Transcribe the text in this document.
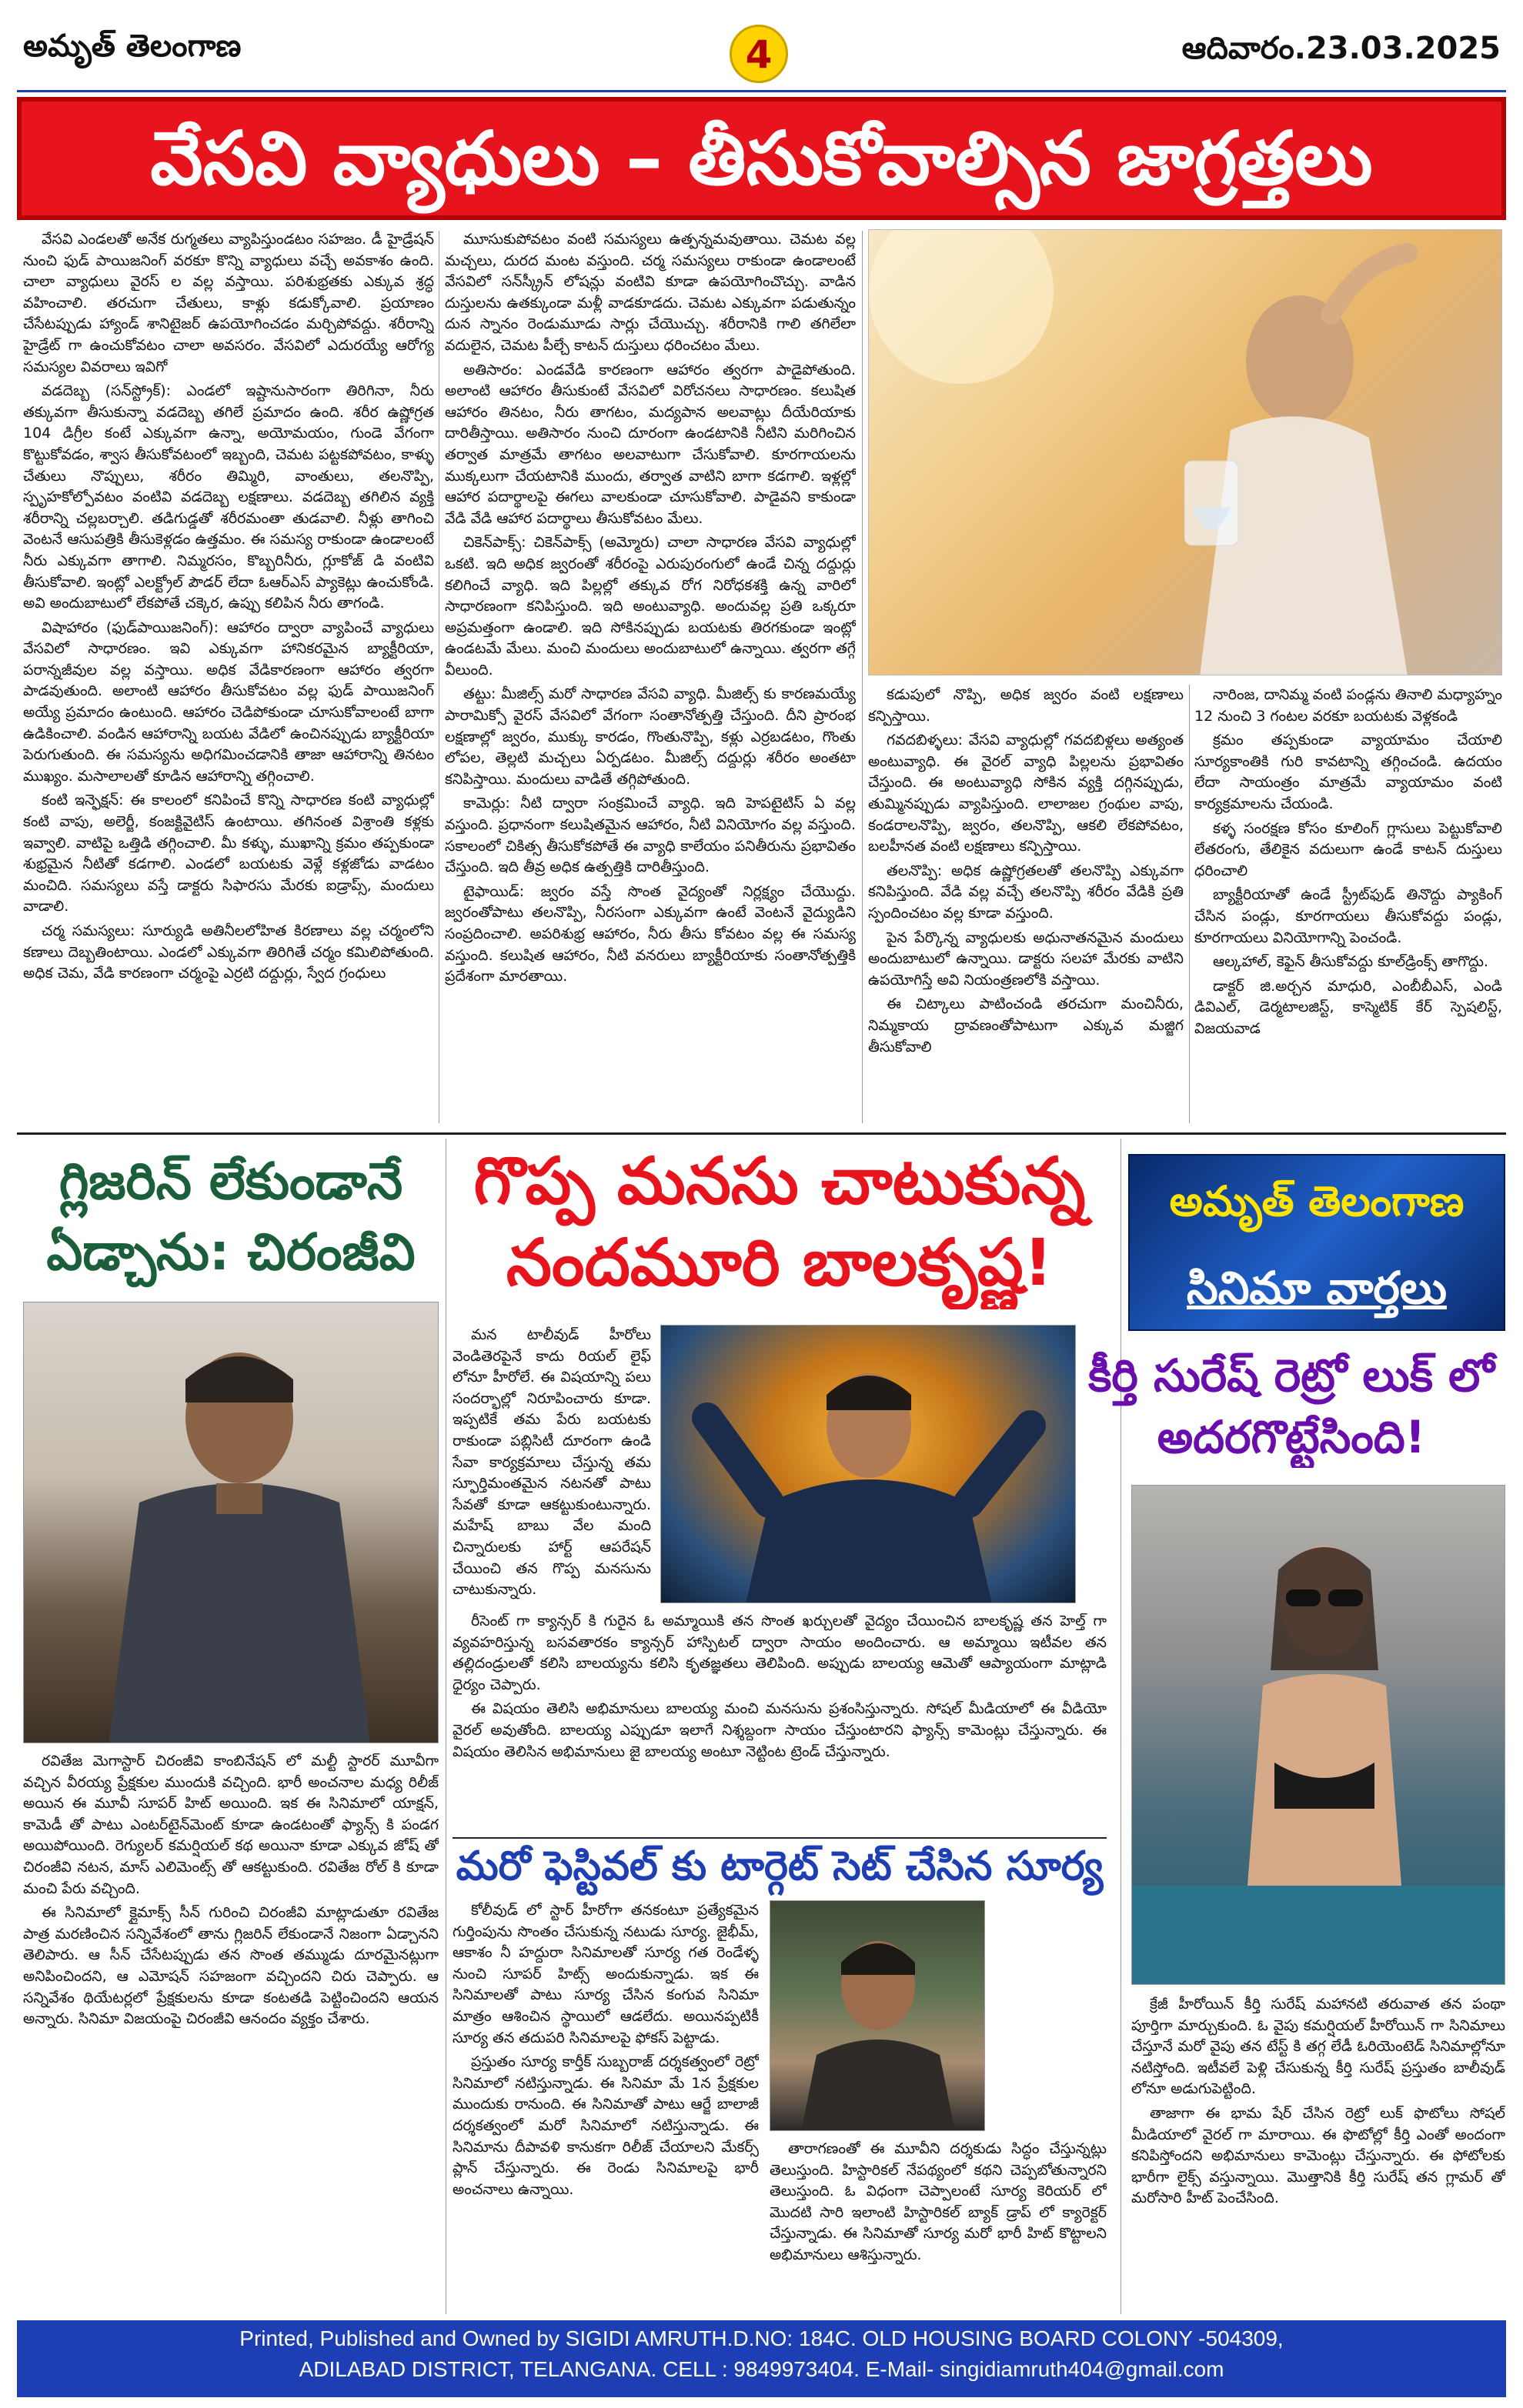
అమృత్ తెలంగాణ	4	ఆదివారం.23.03.2025
వేసవి వ్యాధులు – తీసుకోవాల్సిన జాగ్రత్తలు

వేసవి ఎండలతో అనేక రుగ్మతలు వ్యాపిస్తుండటం సహజం. డీ హైడ్రేషన్ నుంచి ఫుడ్ పాయిజనింగ్ వరకూ కొన్ని వ్యాధులు వచ్చే అవకాశం ఉంది. చాలా వ్యాధులు వైరస్ ల వల్ల వస్తాయి. పరిశుభ్రతకు ఎక్కువ శ్రద్ధ వహించాలి. తరచుగా చేతులు, కాళ్లు కడుక్కోవాలి. ప్రయాణం చేసేటప్పుడు హ్యాండ్ శానిటైజర్ ఉపయోగించడం మర్చిపోవద్దు. శరీరాన్ని హైడ్రేట్ గా ఉంచుకోవటం చాలా అవసరం. వేసవిలో ఎదురయ్యే ఆరోగ్య సమస్యల వివరాలు ఇవిగో

వడదెబ్బ (సన్‌స్ట్రోక్): ఎండలో ఇష్టానుసారంగా తిరిగినా, నీరు తక్కువగా తీసుకున్నా వడదెబ్బ తగిలే ప్రమాదం ఉంది. శరీర ఉష్ణోగ్రత 104 డిగ్రీల కంటే ఎక్కువగా ఉన్నా, అయోమయం, గుండె వేగంగా కొట్టుకోవడం, శ్వాస తీసుకోవటంలో ఇబ్బంది, చెమట పట్టకపోవటం, కాళ్ళు చేతులు నొప్పులు, శరీరం తిమ్మిరి, వాంతులు, తలనొప్పి, స్పృహకోల్పోవటం వంటివి వడదెబ్బ లక్షణాలు. వడదెబ్బ తగిలిన వ్యక్తి శరీరాన్ని చల్లబర్చాలి. తడిగుడ్డతో శరీరమంతా తుడవాలి. నీళ్లు తాగించి వెంటనే ఆసుపత్రికి తీసుకెళ్లడం ఉత్తమం. ఈ సమస్య రాకుండా ఉండాలంటే నీరు ఎక్కువగా తాగాలి. నిమ్మరసం, కొబ్బరినీరు, గ్లూకోజ్ డి వంటివి తీసుకోవాలి. ఇంట్లో ఎలక్ట్రోల్ పౌడర్ లేదా ఓఆర్ఎస్ ప్యాకెట్లు ఉంచుకోండి. అవి అందుబాటులో లేకపోతే చక్కెర, ఉప్పు కలిపిన నీరు తాగండి.

విషాహారం (ఫుడ్‌పాయిజనింగ్): ఆహారం ద్వారా వ్యాపించే వ్యాధులు వేసవిలో సాధారణం. ఇవి ఎక్కువగా హానికరమైన బ్యాక్టీరియా, పరాన్నజీవుల వల్ల వస్తాయి. అధిక వేడికారణంగా ఆహారం త్వరగా పాడవుతుంది. అలాంటి ఆహారం తీసుకోవటం వల్ల ఫుడ్ పాయిజనింగ్ అయ్యే ప్రమాదం ఉంటుంది. ఆహారం చెడిపోకుండా చూసుకోవాలంటే బాగా ఉడికించాలి. వండిన ఆహారాన్ని బయట వేడిలో ఉంచినప్పుడు బ్యాక్టీరియా పెరుగుతుంది. ఈ సమస్యను అధిగమించడానికి తాజా ఆహారాన్ని తినటం ముఖ్యం. మసాలాలతో కూడిన ఆహారాన్ని తగ్గించాలి.

కంటి ఇన్ఫెక్షన్: ఈ కాలంలో కనిపించే కొన్ని సాధారణ కంటి వ్యాధుల్లో కంటి వాపు, అలెర్జీ, కంజక్టివైటిస్ ఉంటాయి. తగినంత విశ్రాంతి కళ్లకు ఇవ్వాలి. వాటిపై ఒత్తిడి తగ్గించాలి. మీ కళ్ళు, ముఖాన్ని క్రమం తప్పకుండా శుభ్రమైన నీటితో కడగాలి. ఎండలో బయటకు వెళ్లే కళ్లజోడు వాడటం మంచిది. సమస్యలు వస్తే డాక్టరు సిఫారసు మేరకు ఐడ్రాప్స్, మందులు వాడాలి.

చర్మ సమస్యలు: సూర్యుడి అతినీలలోహిత కిరణాలు వల్ల చర్మంలోని కణాలు దెబ్బతింటాయి. ఎండలో ఎక్కువగా తిరిగితే చర్మం కమిలిపోతుంది. అధిక చెమ, వేడి కారణంగా చర్మంపై ఎర్రటి దద్దుర్లు, స్వేద గ్రంధులు

మూసుకుపోవటం వంటి సమస్యలు ఉత్పన్నమవుతాయి. చెమట వల్ల మచ్చలు, దురద మంట వస్తుంది. చర్మ సమస్యలు రాకుండా ఉండాలంటే వేసవిలో సన్‌స్క్రీన్ లోషన్లు వంటివి కూడా ఉపయోగించొచ్చు. వాడిన దుస్తులను ఉతక్కుండా మళ్లీ వాడకూడదు. చెమట ఎక్కువగా పడుతున్నం దున స్నానం రెండుమూడు సార్లు చేయొచ్చు. శరీరానికి గాలి తగిలేలా వదులైన, చెమట పీల్చే కాటన్ దుస్తులు ధరించటం మేలు.

అతిసారం: ఎండవేడి కారణంగా ఆహారం త్వరగా పాడైపోతుంది. అలాంటి ఆహారం తీసుకుంటే వేసవిలో విరోచనలు సాధారణం. కలుషిత ఆహారం తినటం, నీరు తాగటం, మద్యపాన అలవాట్లు దీయేరియాకు దారితీస్తాయి. అతిసారం నుంచి దూరంగా ఉండటానికి నీటిని మరిగించిన తర్వాత మాత్రమే తాగటం అలవాటుగా చేసుకోవాలి. కూరగాయలను ముక్కలుగా చేయటానికి ముందు, తర్వాత వాటిని బాగా కడగాలి. ఇళ్లల్లో ఆహార పదార్థాలపై ఈగలు వాలకుండా చూసుకోవాలి. పాడైవని కాకుండా వేడి వేడి ఆహార పదార్థాలు తీసుకోవటం మేలు.

చికెన్‌పాక్స్: చికెన్‌పాక్స్ (అమ్మోరు) చాలా సాధారణ వేసవి వ్యాధుల్లో ఒకటి. ఇది అధిక జ్వరంతో శరీరంపై ఎరుపురంగులో ఉండే చిన్న దద్దుర్లు కలిగించే వ్యాధి. ఇది పిల్లల్లో తక్కువ రోగ నిరోధకశక్తి ఉన్న వారిలో సాధారణంగా కనిపిస్తుంది. ఇది అంటువ్యాధి. అందువల్ల ప్రతి ఒక్కరూ అప్రమత్తంగా ఉండాలి. ఇది సోకినప్పుడు బయటకు తిరగకుండా ఇంట్లో ఉండటమే మేలు. మంచి మందులు అందుబాటులో ఉన్నాయి. త్వరగా తగ్గే వీలుంది.

తట్టు: మీజిల్స్ మరో సాధారణ వేసవి వ్యాధి. మీజిల్స్ కు కారణమయ్యే పారామిక్సో వైరస్ వేసవిలో వేగంగా సంతానోత్పత్తి చేస్తుంది. దీని ప్రారంభ లక్షణాల్లో జ్వరం, ముక్కు కారడం, గొంతునొప్పి, కళ్లు ఎర్రబడటం, గొంతు లోపల, తెల్లటి మచ్చలు ఏర్పడటం. మీజిల్స్ దద్దుర్లు శరీరం అంతటా కనిపిస్తాయి. మందులు వాడితే తగ్గిపోతుంది.

కామెర్లు: నీటి ద్వారా సంక్రమించే వ్యాధి. ఇది హెపటైటిస్ ఏ వల్ల వస్తుంది. ప్రధానంగా కలుషితమైన ఆహారం, నీటి వినియోగం వల్ల వస్తుంది. సకాలంలో చికిత్స తీసుకోకపోతే ఈ వ్యాధి కాలేయం పనితీరును ప్రభావితం చేస్తుంది. ఇది తీవ్ర అధిక ఉత్పత్తికి దారితీస్తుంది.

టైఫాయిడ్: జ్వరం వస్తే సొంత వైద్యంతో నిర్లక్ష్యం చేయొద్దు. జ్వరంతోపాటు తలనొప్పి, నీరసంగా ఎక్కువగా ఉంటే వెంటనే వైద్యుడిని సంప్రదించాలి. అపరిశుభ్ర ఆహారం, నీరు తీసు కోవటం వల్ల ఈ సమస్య వస్తుంది. కలుషిత ఆహారం, నీటి వనరులు బ్యాక్టీరియాకు సంతానోత్పత్తికి ప్రదేశంగా మారతాయి.

కడుపులో నొప్పి, అధిక జ్వరం వంటి లక్షణాలు కన్పిస్తాయి.

గవదబిళ్ళలు: వేసవి వ్యాధుల్లో గవదబిళ్లలు అత్యంత అంటువ్యాధి. ఈ వైరల్ వ్యాధి పిల్లలను ప్రభావితం చేస్తుంది. ఈ అంటువ్యాధి సోకిన వ్యక్తి దగ్గినప్పుడు, తుమ్మినప్పుడు వ్యాపిస్తుంది. లాలాజల గ్రంథుల వాపు, కండరాలనొప్పి, జ్వరం, తలనొప్పి, ఆకలి లేకపోవటం, బలహీనత వంటి లక్షణాలు కన్పిస్తాయి.

తలనొప్పి: అధిక ఉష్ణోగ్రతలతో తలనొప్పి ఎక్కువగా కనిపిస్తుంది. వేడి వల్ల వచ్చే తలనొప్పి శరీరం వేడికి ప్రతి స్పందించటం వల్ల కూడా వస్తుంది.

పైన పేర్కొన్న వ్యాధులకు అధునాతనమైన మందులు అందుబాటులో ఉన్నాయి. డాక్టరు సలహా మేరకు వాటిని ఉపయోగిస్తే అవి నియంత్రణలోకి వస్తాయి.

ఈ చిట్కాలు పాటించండి తరచుగా మంచినీరు, నిమ్మకాయ ద్రావణంతోపాటుగా ఎక్కువ మజ్జిగ తీసుకోవాలి

నారింజ, దానిమ్మ వంటి పండ్లను తినాలి మధ్యాహ్నం 12 నుంచి 3 గంటల వరకూ బయటకు వెళ్లకండి

క్రమం తప్పకుండా వ్యాయామం చేయాలి సూర్యకాంతికి గురి కావటాన్ని తగ్గించండి. ఉదయం లేదా సాయంత్రం మాత్రమే వ్యాయామం వంటి కార్యక్రమాలను చేయండి.

కళ్ళ సంరక్షణ కోసం కూలింగ్ గ్లాసులు పెట్టుకోవాలి లేతరంగు, తేలికైన వదులుగా ఉండే కాటన్ దుస్తులు ధరించాలి

బ్యాక్టీరియాతో ఉండే స్ట్రీట్‌ఫుడ్ తినొద్దు ప్యాకింగ్ చేసిన పండ్లు, కూరగాయలు తీసుకోవద్దు పండ్లు, కూరగాయలు వినియోగాన్ని పెంచండి.

ఆల్కహాల్, కెఫైన్ తీసుకోవద్దు కూల్‌డ్రింక్స్ తాగొద్దు.

డాక్టర్ జి.అర్చన మాధురి, ఎంబీబీఎస్, ఎండి డివిఎల్, డెర్మటాలజిస్ట్, కాస్మెటిక్ కేర్ స్పెషలిస్ట్, విజయవాడ

గ్లిజరిన్ లేకుండానే ఏడ్చాను: చిరంజీవి

రవితేజ మెగాస్టార్ చిరంజీవి కాంబినేషన్ లో మల్టీ స్టారర్ మూవీగా వచ్చిన వీరయ్య ప్రేక్షకుల ముందుకి వచ్చింది. భారీ అంచనాల మధ్య రిలీజ్ అయిన ఈ మూవీ సూపర్ హిట్ అయింది. ఇక ఈ సినిమాలో యాక్షన్, కామెడీ తో పాటు ఎంటర్‌టైన్‌మెంట్ కూడా ఉండటంతో ఫ్యాన్స్ కి పండగ అయిపోయింది. రెగ్యులర్ కమర్షియల్ కథ అయినా కూడా ఎక్కువ జోష్ తో చిరంజీవి నటన, మాస్ ఎలిమెంట్స్ తో ఆకట్టుకుంది. రవితేజ రోల్ కి కూడా మంచి పేరు వచ్చింది.

ఈ సినిమాలో క్లైమాక్స్ సీన్ గురించి చిరంజీవి మాట్లాడుతూ రవితేజ పాత్ర మరణించిన సన్నివేశంలో తాను గ్లిజరిన్ లేకుండానే నిజంగా ఏడ్చానని తెలిపారు. ఆ సీన్ చేసేటప్పుడు తన సొంత తమ్ముడు దూరమైనట్లుగా అనిపించిందని, ఆ ఎమోషన్ సహజంగా వచ్చిందని చిరు చెప్పారు. ఆ సన్నివేశం థియేటర్లలో ప్రేక్షకులను కూడా కంటతడి పెట్టించిందని ఆయన అన్నారు. సినిమా విజయంపై చిరంజీవి ఆనందం వ్యక్తం చేశారు.

గొప్ప మనసు చాటుకున్న నందమూరి బాలకృష్ణ!

మన టాలీవుడ్ హీరోలు వెండితెరపైనే కాదు రియల్ లైఫ్ లోనూ హీరోలే. ఈ విషయాన్ని పలు సందర్భాల్లో నిరూపించారు కూడా. ఇప్పటికే తమ పేరు బయటకు రాకుండా పబ్లిసిటీ దూరంగా ఉండి సేవా కార్యక్రమాలు చేస్తున్న తమ స్ఫూర్తిమంతమైన నటనతో పాటు సేవతో కూడా ఆకట్టుకుంటున్నారు. మహేష్ బాబు వేల మంది చిన్నారులకు హార్ట్ ఆపరేషన్ చేయించి తన గొప్ప మనసును చాటుకున్నారు.

మరో ఫెస్టివల్ కు టార్గెట్ సెట్ చేసిన సూర్య

రీసెంట్ గా క్యాన్సర్ కి గురైన ఓ అమ్మాయికి తన సొంత ఖర్చులతో వైద్యం చేయించిన బాలకృష్ణ తన హెల్త్ గా వ్యవహరిస్తున్న బసవతారకం క్యాన్సర్ హాస్పిటల్ ద్వారా సాయం అందించారు. ఆ అమ్మాయి ఇటీవల తన తల్లిదండ్రులతో కలిసి బాలయ్యను కలిసి కృతజ్ఞతలు తెలిపింది. అప్పుడు బాలయ్య ఆమెతో ఆప్యాయంగా మాట్లాడి ధైర్యం చెప్పారు.

ఈ విషయం తెలిసి అభిమానులు బాలయ్య మంచి మనసును ప్రశంసిస్తున్నారు. సోషల్ మీడియాలో ఈ వీడియో వైరల్ అవుతోంది. బాలయ్య ఎప్పుడూ ఇలాగే నిశ్శబ్దంగా సాయం చేస్తుంటారని ఫ్యాన్స్ కామెంట్లు చేస్తున్నారు. ఈ విషయం తెలిసిన అభిమానులు జై బాలయ్య అంటూ నెట్టింట ట్రెండ్ చేస్తున్నారు.

కోలీవుడ్ లో స్టార్ హీరోగా తనకంటూ ప్రత్యేకమైన గుర్తింపును సొంతం చేసుకున్న నటుడు సూర్య. జైభీమ్, ఆకాశం నీ హద్దురా సినిమాలతో సూర్య గత రెండేళ్ళ నుంచి సూపర్ హిట్స్ అందుకున్నాడు. ఇక ఈ సినిమాలతో పాటు సూర్య చేసిన కంగువ సినిమా మాత్రం ఆశించిన స్థాయిలో ఆడలేదు. అయినప్పటికీ సూర్య తన తదుపరి సినిమాలపై ఫోకస్ పెట్టాడు.

ప్రస్తుతం సూర్య కార్తీక్ సుబ్బరాజ్ దర్శకత్వంలో రెట్రో సినిమాలో నటిస్తున్నాడు. ఈ సినిమా మే 1న ప్రేక్షకుల ముందుకు రానుంది. ఈ సినిమాతో పాటు ఆర్జే బాలాజీ దర్శకత్వంలో మరో సినిమాలో నటిస్తున్నాడు. ఈ సినిమాను దీపావళి కానుకగా రిలీజ్ చేయాలని మేకర్స్ ప్లాన్ చేస్తున్నారు. ఈ రెండు సినిమాలపై భారీ అంచనాలు ఉన్నాయి.

తారాగణంతో ఈ మూవీని దర్శకుడు సిద్ధం చేస్తున్నట్లు తెలుస్తుంది. హిస్టారికల్ నేపథ్యంలో కథని చెప్పబోతున్నారని తెలుస్తుంది. ఓ విధంగా చెప్పాలంటే సూర్య కెరియర్ లో మొదటి సారి ఇలాంటి హిస్టారికల్ బ్యాక్ డ్రాప్ లో క్యారెక్టర్ చేస్తున్నాడు. ఈ సినిమాతో సూర్య మరో భారీ హిట్ కొట్టాలని అభిమానులు ఆశిస్తున్నారు.

అమృత్ తెలంగాణ
సినిమా వార్తలు
కీర్తి సురేష్ రెట్రో లుక్ లో అదరగొట్టేసింది!

క్రేజీ హీరోయిన్ కీర్తి సురేష్ మహానటి తరువాత తన పంథా పూర్తిగా మార్చుకుంది. ఓ వైపు కమర్షియల్ హీరోయిన్ గా సినిమాలు చేస్తూనే మరో వైపు తన టేస్ట్ కి తగ్గ లేడీ ఓరియెంటెడ్ సినిమాల్లోనూ నటిస్తోంది. ఇటీవలే పెళ్లి చేసుకున్న కీర్తి సురేష్ ప్రస్తుతం బాలీవుడ్ లోనూ అడుగుపెట్టింది.

తాజాగా ఈ భామ షేర్ చేసిన రెట్రో లుక్ ఫొటోలు సోషల్ మీడియాలో వైరల్ గా మారాయి. ఈ ఫొటోల్లో కీర్తి ఎంతో అందంగా కనిపిస్తోందని అభిమానులు కామెంట్లు చేస్తున్నారు. ఈ ఫోటోలకు భారీగా లైక్స్ వస్తున్నాయి. మొత్తానికి కీర్తి సురేష్ తన గ్లామర్ తో మరోసారి హీట్ పెంచేసింది.

Printed, Published and Owned by SIGIDI AMRUTH.D.NO: 184C. OLD HOUSING BOARD COLONY -504309,
ADILABAD DISTRICT, TELANGANA. CELL : 9849973404. E-Mail- singidiamruth404@gmail.com
